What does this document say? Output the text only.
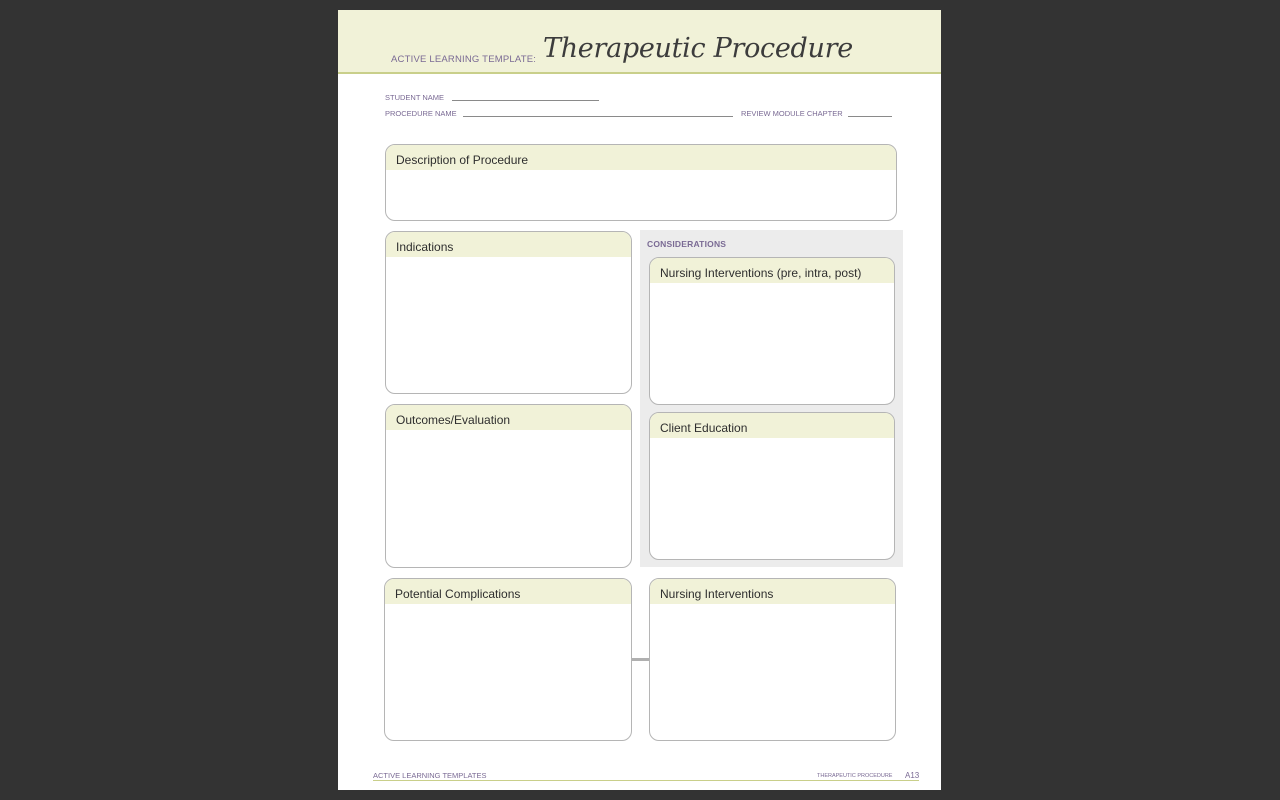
ACTIVE LEARNING TEMPLATE: Therapeutic Procedure
STUDENT NAME
PROCEDURE NAME	REVIEW MODULE CHAPTER
Description of Procedure
Indications
Outcomes/Evaluation
CONSIDERATIONS
Nursing Interventions (pre, intra, post)
Client Education
Potential Complications	Nursing Interventions
ACTIVE LEARNING TEMPLATES	THERAPEUTIC PROCEDURE A13
